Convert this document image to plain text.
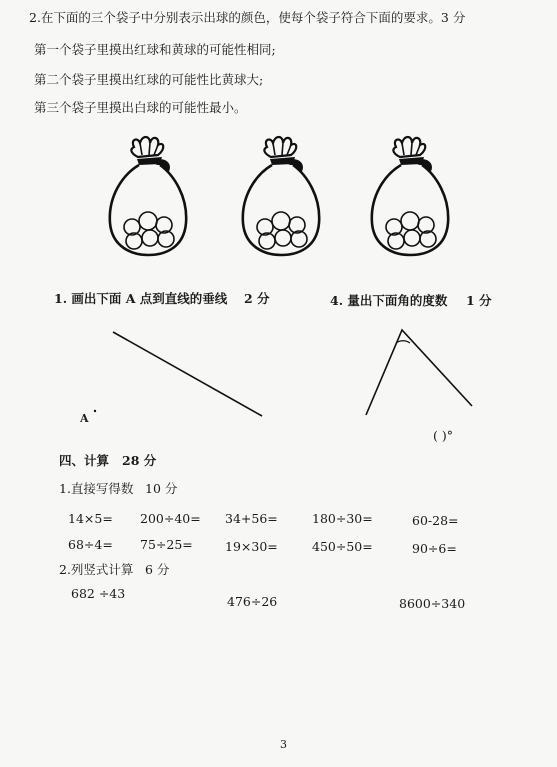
2.在下面的三个袋子中分别表示出球的颜色，使每个袋子符合下面的要求。3 分
第一个袋子里摸出红球和黄球的可能性相同;
第二个袋子里摸出红球的可能性比黄球大;
第三个袋子里摸出白球的可能性最小。
1. 画出下面 A 点到直线的垂线 2 分	4. 量出下面角的度数 1 分
A
( )°
四、计算 28 分
1.直接写得数 10 分
14×5= 200÷40= 34+56=	180÷30=	60-28=
68÷4= 75÷25=	19×30=	450÷50=	90÷6=
2.列竖式计算 6 分
682 ÷43
476÷26	8600÷340
3
